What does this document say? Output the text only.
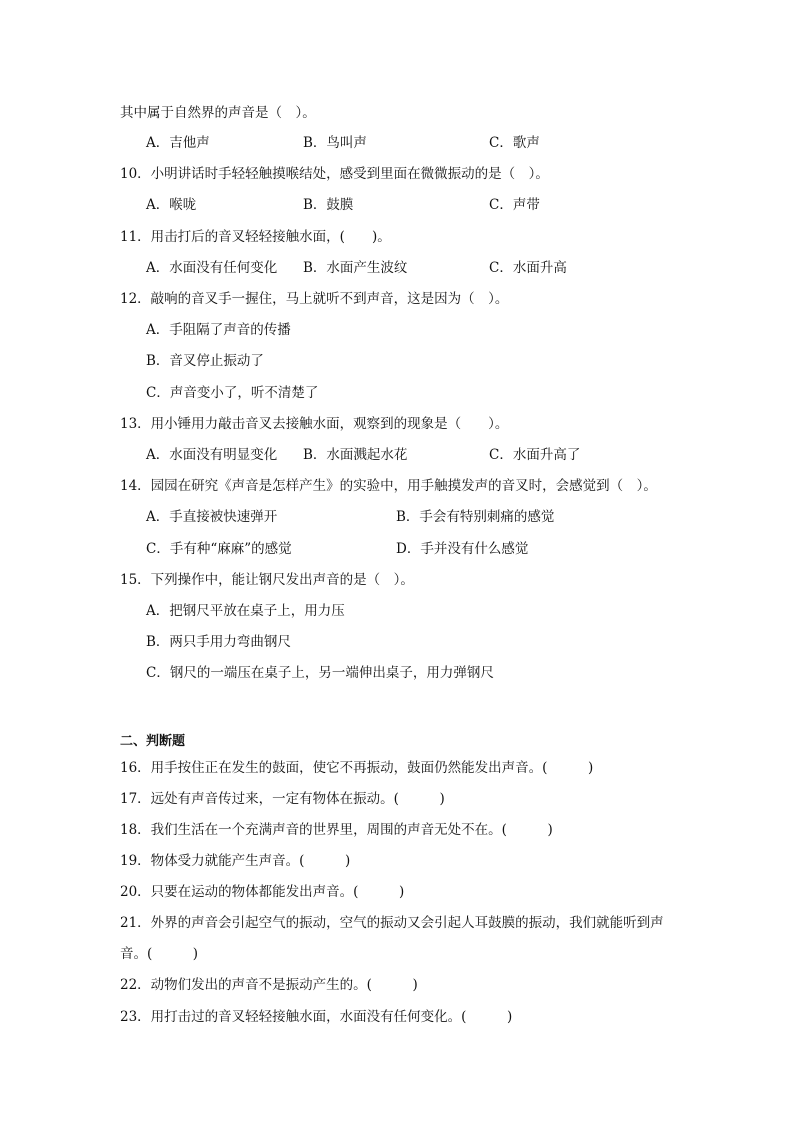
其中属于自然界的声音是（　）。
A．吉他声	B．鸟叫声	C．歌声
10．小明讲话时手轻轻触摸喉结处，感受到里面在微微振动的是（　）。
A．喉咙	B．鼓膜	C．声带
11．用击打后的音叉轻轻接触水面，(　　)。
A．水面没有任何变化 B．水面产生波纹	C．水面升高
12．敲响的音叉手一握住，马上就听不到声音，这是因为（　）。
A．手阻隔了声音的传播
B．音叉停止振动了
C．声音变小了，听不清楚了
13．用小锤用力敲击音叉去接触水面，观察到的现象是（　　）。
A．水面没有明显变化 B．水面溅起水花	C．水面升高了
14．园园在研究《声音是怎样产生》的实验中，用手触摸发声的音叉时，会感觉到（　）。
A．手直接被快速弹开	B．手会有特别刺痛的感觉
C．手有种“麻麻”的感觉	D．手并没有什么感觉
15．下列操作中，能让钢尺发出声音的是（　）。
A．把钢尺平放在桌子上，用力压
B．两只手用力弯曲钢尺
C．钢尺的一端压在桌子上，另一端伸出桌子，用力弹钢尺
二、判断题
16．用手按住正在发生的鼓面，使它不再振动，鼓面仍然能发出声音。(　　　)
17．远处有声音传过来，一定有物体在振动。(　　　)
18．我们生活在一个充满声音的世界里，周围的声音无处不在。(　　　)
19．物体受力就能产生声音。(　　　)
20．只要在运动的物体都能发出声音。(　　　)
21．外界的声音会引起空气的振动，空气的振动又会引起人耳鼓膜的振动，我们就能听到声
音。(　　　)
22．动物们发出的声音不是振动产生的。(　　　)
23．用打击过的音叉轻轻接触水面，水面没有任何变化。(　　　)
